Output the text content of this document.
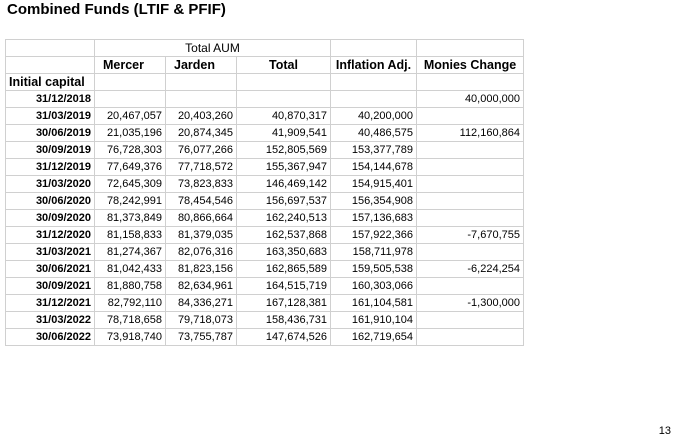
Combined Funds (LTIF & PFIF)
	Total AUM				
	Mercer	Jarden	Total	Inflation Adj.	Monies Change
Initial capital					
31/12/2018					40,000,000
31/03/2019	20,467,057	20,403,260	40,870,317	40,200,000	
30/06/2019	21,035,196	20,874,345	41,909,541	40,486,575	112,160,864
30/09/2019	76,728,303	76,077,266	152,805,569	153,377,789	
31/12/2019	77,649,376	77,718,572	155,367,947	154,144,678	
31/03/2020	72,645,309	73,823,833	146,469,142	154,915,401	
30/06/2020	78,242,991	78,454,546	156,697,537	156,354,908	
30/09/2020	81,373,849	80,866,664	162,240,513	157,136,683	
31/12/2020	81,158,833	81,379,035	162,537,868	157,922,366	-7,670,755
31/03/2021	81,274,367	82,076,316	163,350,683	158,711,978	
30/06/2021	81,042,433	81,823,156	162,865,589	159,505,538	-6,224,254
30/09/2021	81,880,758	82,634,961	164,515,719	160,303,066	
31/12/2021	82,792,110	84,336,271	167,128,381	161,104,581	-1,300,000
31/03/2022	78,718,658	79,718,073	158,436,731	161,910,104	
30/06/2022	73,918,740	73,755,787	147,674,526	162,719,654	
13
